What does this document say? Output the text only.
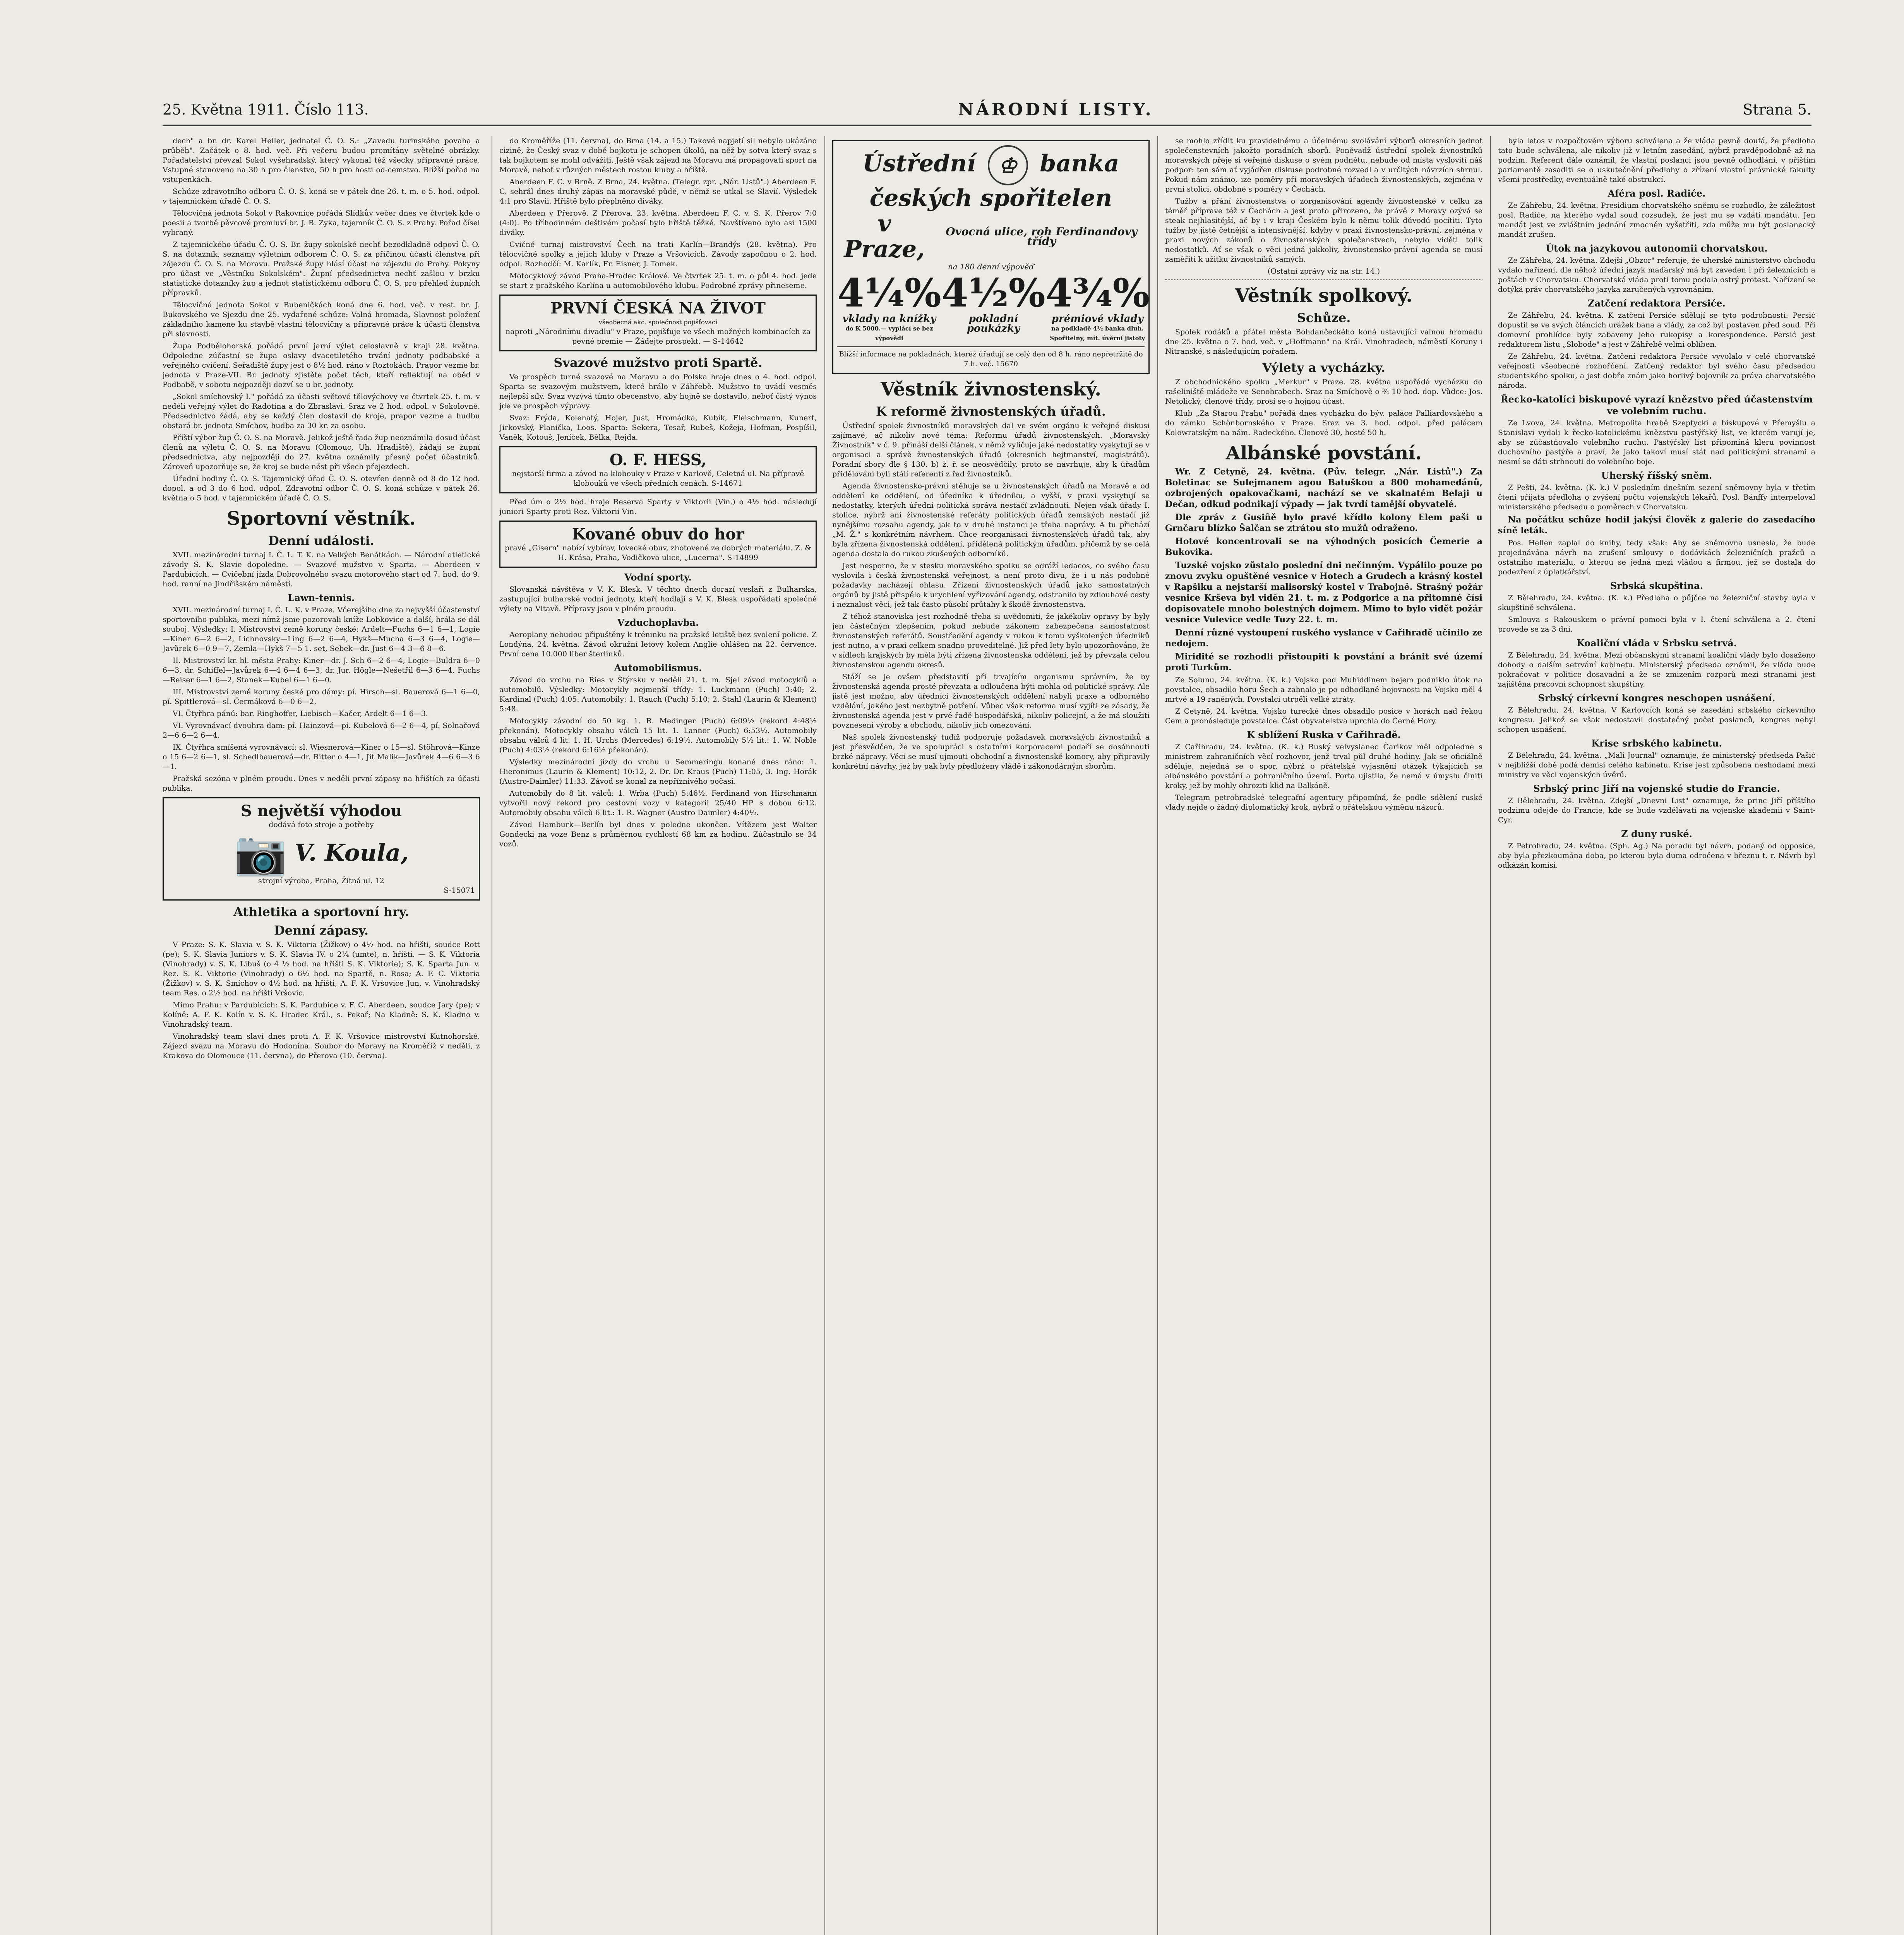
25. Května 1911. Číslo 113.	NÁRODNÍ LISTY.	Strana 5.

dech" a br. dr. Karel Heller, jednatel Č. O. S.: „Zavedu turinského povaha a průběh". Začátek o 8. hod. več. Při večeru budou promítány světelné obrázky. Pořadatelství převzal Sokol vyšehradský, který vykonal též všecky přípravné práce. Vstupné stanoveno na 30 h pro členstvo, 50 h pro hosti od-cemstvo. Bližší pořad na vstupenkách.

Schůze zdravotního odboru Č. O. S. koná se v pátek dne 26. t. m. o 5. hod. odpol. v tajemnickém úřadě Č. O. S.

Tělocvičná jednota Sokol v Rakovníce pořádá Slídkův večer dnes ve čtvrtek kde o poesii a tvorbě pěvcově promluví br. J. B. Zyka, tajemník Č. O. S. z Prahy. Pořad čísel vybraný.

Z tajemnického úřadu Č. O. S. Br. župy sokolské nechť bezodkladně odpoví Č. O. S. na dotazník, seznamy výletním odborem Č. O. S. za příčinou účasti členstva při zájezdu Č. O. S. na Moravu. Pražské župy hlásí účast na zájezdu do Prahy. Pokyny pro účast ve „Věstníku Sokolském". Župní předsednictva nechť zašlou v brzku statistické dotazníky žup a jednot statistickému odboru Č. O. S. pro přehled župních přípravků.

Tělocvičná jednota Sokol v Bubeničkách koná dne 6. hod. več. v rest. br. J. Bukovského ve Sjezdu dne 25. vydařené schůze: Valná hromada, Slavnost položení základního kamene ku stavbě vlastní tělocvičny a přípravné práce k účasti členstva při slavnosti.

Župa Podbělohorská pořádá první jarní výlet celoslavně v kraji 28. května. Odpoledne zúčastní se župa oslavy dvacetiletého trvání jednoty podbabské a veřejného cvičení. Seřadiště župy jest o 8½ hod. ráno v Roztokách. Prapor vezme br. jednota v Praze-VII. Br. jednoty zjistěte počet těch, kteří reflektují na oběd v Podbabě, v sobotu nejpozději dozví se u br. jednoty.

„Sokol smíchovský I." pořádá za účasti světové tělovýchovy ve čtvrtek 25. t. m. v neděli veřejný výlet do Radotína a do Zbraslavi. Sraz ve 2 hod. odpol. v Sokolovně. Předsednictvo žádá, aby se každý člen dostavil do kroje, prapor vezme a hudbu obstará br. jednota Smíchov, hudba za 30 kr. za osobu.

Příští výbor žup Č. O. S. na Moravě. Jelikož ještě řada žup neoznámila dosud účast členů na výletu Č. O. S. na Moravu (Olomouc, Uh. Hradiště), žádají se župní předsednictva, aby nejpozději do 27. května oznámily přesný počet účastníků. Zároveň upozorňuje se, že kroj se bude nést při všech přejezdech.

Úřední hodiny Č. O. S. Tajemnický úřad Č. O. S. otevřen denně od 8 do 12 hod. dopol. a od 3 do 6 hod. odpol. Zdravotní odbor Č. O. S. koná schůze v pátek 26. května o 5 hod. v tajemnickém úřadě Č. O. S.

Sportovní věstník.
Denní události.

XVII. mezinárodní turnaj I. Č. L. T. K. na Velkých Benátkách. — Národní atletické závody S. K. Slavie dopoledne. — Svazové mužstvo v. Sparta. — Aberdeen v Pardubicích. — Cvičební jízda Dobrovolného svazu motorového start od 7. hod. do 9. hod. ranní na Jindřišském náměstí.

Lawn-tennis.

XVII. mezinárodní turnaj I. Č. L. K. v Praze. Včerejšího dne za nejvyšší účastenství sportovního publika, mezi nímž jsme pozorovali kníže Lobkovice a další, hrála se dál souboj. Výsledky: I. Mistrovství země koruny české: Ardelt—Fuchs 6—1 6—1, Logie—Kiner 6—2 6—2, Lichnovsky—Ling 6—2 6—4, Hykš—Mucha 6—3 6—4, Logie—Javůrek 6—0 9—7, Zemla—Hykš 7—5 1. set, Sebek—dr. Just 6—4 3—6 8—6.

II. Mistrovství kr. hl. města Prahy: Kiner—dr. J. Sch 6—2 6—4, Logie—Buldra 6—0 6—3, dr. Schiffel—Javůrek 6—4 6—4 6—3, dr. Jur. Högle—Nešetřil 6—3 6—4, Fuchs—Reiser 6—1 6—2, Stanek—Kubel 6—1 6—0.

III. Mistrovství země koruny české pro dámy: pí. Hirsch—sl. Bauerová 6—1 6—0, pí. Spittlerová—sl. Čermáková 6—0 6—2.

VI. Čtyřhra pánů: bar. Ringhoffer, Liebisch—Kačer, Ardelt 6—1 6—3.

VI. Vyrovnávací dvouhra dam: pí. Hainzová—pí. Kubelová 6—2 6—4, pí. Solnařová 2—6 6—2 6—4.

IX. Čtyřhra smíšená vyrovnávací: sl. Wiesnerová—Kiner o 15—sl. Stöhrová—Kinze o 15 6—2 6—1, sl. Schedlbauerová—dr. Ritter o 4—1, Jit Malik—Javůrek 4—6 6—3 6—1.

Pražská sezóna v plném proudu. Dnes v neděli první zápasy na hřištích za účasti publika.

S největší výhodou
dodává foto stroje a potřeby
📷 V. Koula,
strojní výroba, Praha, Žitná ul. 12
S-15071
Athletika a sportovní hry.
Denní zápasy.

V Praze: S. K. Slavia v. S. K. Viktoria (Žižkov) o 4½ hod. na hřišti, soudce Rott (pe); S. K. Slavia Juniors v. S. K. Slavia IV. o 2¼ (umte), n. hřišti. — S. K. Viktoria (Vinohrady) v. S. K. Libuš (o 4 ½ hod. na hřišti S. K. Viktorie); S. K. Sparta Jun. v. Rez. S. K. Viktorie (Vinohrady) o 6½ hod. na Spartě, n. Rosa; A. F. C. Viktoria (Žižkov) v. S. K. Smíchov o 4½ hod. na hřišti; A. F. K. Vršovice Jun. v. Vinohradský team Res. o 2½ hod. na hřišti Vršovic.

Mimo Prahu: v Pardubicích: S. K. Pardubice v. F. C. Aberdeen, soudce Jary (pe); v Kolíně: A. F. K. Kolín v. S. K. Hradec Král., s. Pekař; Na Kladně: S. K. Kladno v. Vinohradský team.

Vinohradský team slaví dnes proti A. F. K. Vršovice mistrovství Kutnohorské. Zájezd svazu na Moravu do Hodonína. Soubor do Moravy na Kroměříž v neděli, z Krakova do Olomouce (11. června), do Přerova (10. června).

do Kroměříže (11. června), do Brna (14. a 15.) Takové napjetí sil nebylo ukázáno cizině, že Český svaz v době bojkotu je schopen úkolů, na něž by sotva který svaz s tak bojkotem se mohl odvážiti. Ještě však zájezd na Moravu má propagovati sport na Moravě, neboť v různých městech rostou kluby a hřiště.

Aberdeen F. C. v Brně. Z Brna, 24. května. (Telegr. zpr. „Nár. Listů".) Aberdeen F. C. sehrál dnes druhý zápas na moravské půdě, v němž se utkal se Slavií. Výsledek 4:1 pro Slavii. Hřiště bylo přeplněno diváky.

Aberdeen v Přerově. Z Přerova, 23. května. Aberdeen F. C. v. S. K. Přerov 7:0 (4:0). Po tříhodinném deštivém počasí bylo hřiště těžké. Navštíveno bylo asi 1500 diváky.

Cvičné turnaj mistrovství Čech na trati Karlín—Brandýs (28. května). Pro tělocvičné spolky a jejich kluby v Praze a Vršovicích. Závody započnou o 2. hod. odpol. Rozhodčí: M. Karlík, Fr. Eisner, J. Tomek.

Motocyklový závod Praha-Hradec Králové. Ve čtvrtek 25. t. m. o půl 4. hod. jede se start z pražského Karlína u automobilového klubu. Podrobné zprávy přineseme.

PRVNÍ ČESKÁ NA ŽIVOT
všeobecná akc. společnost pojišťovací
naproti „Národnímu divadlu" v Praze, pojišťuje ve všech možných kombinacích za pevné premie — Žádejte prospekt. — S-14642
Svazové mužstvo proti Spartě.

Ve prospěch turné svazové na Moravu a do Polska hraje dnes o 4. hod. odpol. Sparta se svazovým mužstvem, které hrálo v Záhřebě. Mužstvo to uvádí vesměs nejlepší síly. Svaz vyzývá tímto obecenstvo, aby hojně se dostavilo, neboť čistý výnos jde ve prospěch výpravy.

Svaz: Frýda, Kolenatý, Hojer, Just, Hromádka, Kubík, Fleischmann, Kunert, Jirkovský, Planička, Loos. Sparta: Sekera, Tesař, Rubeš, Kožeja, Hofman, Pospíšil, Vaněk, Kotouš, Jeníček, Bělka, Rejda.

O. F. HESS,
nejstarší firma a závod na klobouky v Praze v Karlově, Celetná ul. Na přípravě klobouků ve všech předních cenách. S-14671

Před úm o 2½ hod. hraje Reserva Sparty v Viktorii (Vin.) o 4½ hod. následují juniori Sparty proti Rez. Viktorii Vin.

Kované obuv do hor
pravé „Gisern" nabízí vybírav, lovecké obuv, zhotovené ze dobrých materiálu. Z. & H. Krása, Praha, Vodičkova ulice, „Lucerna". S-14899
Vodní sporty.

Slovanská návštěva v V. K. Blesk. V těchto dnech dorazí veslaři z Bulharska, zastupující bulharské vodní jednoty, kteří hodlají s V. K. Blesk uspořádati společné výlety na Vltavě. Přípravy jsou v plném proudu.

Vzduchoplavba.

Aeroplany nebudou připuštěny k tréninku na pražské letiště bez svolení policie. Z Londýna, 24. května. Závod okružní letový kolem Anglie ohlášen na 22. července. První cena 10.000 liber šterlinků.

Automobilismus.

Závod do vrchu na Ries v Štýrsku v neděli 21. t. m. Sjel závod motocyklů a automobilů. Výsledky: Motocykly nejmenší třídy: 1. Luckmann (Puch) 3:40; 2. Kardinal (Puch) 4:05. Automobily: 1. Rauch (Puch) 5:10; 2. Stahl (Laurin & Klement) 5:48.

Motocykly závodní do 50 kg. 1. R. Medinger (Puch) 6:09½ (rekord 4:48½ překonán). Motocykly obsahu válců 15 lit. 1. Lanner (Puch) 6:53½. Automobily obsahu válců 4 lit: 1. H. Urchs (Mercedes) 6:19½. Automobily 5½ lit.: 1. W. Noble (Puch) 4:03½ (rekord 6:16½ překonán).

Výsledky mezinárodní jízdy do vrchu u Semmeringu konané dnes ráno: 1. Hieronimus (Laurin & Klement) 10:12, 2. Dr. Dr. Kraus (Puch) 11:05, 3. Ing. Horák (Austro-Daimler) 11:33. Závod se konal za nepříznivého počasí.

Automobily do 8 lit. válců: 1. Wrba (Puch) 5:46½. Ferdinand von Hirschmann vytvořil nový rekord pro cestovní vozy v kategorii 25/40 HP s dobou 6:12. Automobily obsahu válců 6 lit.: 1. R. Wagner (Austro Daimler) 4:40½.

Závod Hamburk—Berlín byl dnes v poledne ukončen. Vítězem jest Walter Gondecki na voze Benz s průměrnou rychlostí 68 km za hodinu. Zúčastnilo se 34 vozů.

Ústřední ♔ banka
českých spořitelen
v Praze,
Ovocná ulice, roh Ferdinandovy třídy
na 180 denní výpověď
4¼%
vklady na knížky
do K 5000.— vyplácí se bez výpovědi
4½%
pokladní poukázky
4¾%
prémiové vklady
na podkladě 4½ banka dluh. Spořitelny, mít. úvěrní jistoty
Bližší informace na pokladnách, kteréž úřadují se celý den od 8 h. ráno nepřetržitě do 7 h. več. 15670
Věstník živnostenský.
K reformě živnostenských úřadů.

Ústřední spolek živnostníků moravských dal ve svém orgánu k veřejné diskusi zajímavé, ač nikoliv nové téma: Reformu úřadů živnostenských. „Moravský Živnostník" v č. 9. přináší delší článek, v němž vyličuje jaké nedostatky vyskytují se v organisaci a správě živnostenských úřadů (okresních hejtmanství, magistrátů). Poradní sbory dle § 130. b) ž. ř. se neosvědčily, proto se navrhuje, aby k úřadům přidělováni byli stálí referenti z řad živnostníků.

Agenda živnostensko-právní stěhuje se u živnostenských úřadů na Moravě a od oddělení ke oddělení, od úředníka k úředníku, a vyšší, v praxi vyskytují se nedostatky, kterých úřední politická správa nestačí zvládnouti. Nejen však úřady I. stolice, nýbrž ani živnostenské referáty politických úřadů zemských nestačí již nynějšímu rozsahu agendy, jak to v druhé instanci je třeba naprávy. A tu přichází „M. Ž." s konkrétním návrhem. Chce reorganisaci živnostenských úřadů tak, aby byla zřízena živnostenská oddělení, přidělená politickým úřadům, přičemž by se celá agenda dostala do rukou zkušených odborníků.

Jest nesporno, že v stesku moravského spolku se odráží ledacos, co svého času vyslovila i česká živnostenská veřejnost, a není proto divu, že i u nás podobné požadavky nacházejí ohlasu. Zřízení živnostenských úřadů jako samostatných orgánů by jistě přispělo k urychlení vyřizování agendy, odstranilo by zdlouhavé cesty i neznalost věci, jež tak často působí průtahy k škodě živnostenstva.

Z téhož stanoviska jest rozhodně třeba si uvědomiti, že jakékoliv opravy by byly jen částečným zlepšením, pokud nebude zákonem zabezpečena samostatnost živnostenských referátů. Soustředění agendy v rukou k tomu vyškolených úředníků jest nutno, a v praxi celkem snadno proveditelné. Již před lety bylo upozorňováno, že v sídlech krajských by měla býti zřízena živnostenská oddělení, jež by převzala celou živnostenskou agendu okresů.

Stáží se je ovšem představití při trvajícím organismu správním, že by živnostenská agenda prosté převzata a odloučena býti mohla od politické správy. Ale jistě jest možno, aby úředníci živnostenských oddělení nabyli praxe a odborného vzdělání, jakého jest nezbytně potřebí. Vůbec však reforma musí vyjíti ze zásady, že živnostenská agenda jest v prvé řadě hospodářská, nikoliv policejní, a že má sloužiti povznesení výroby a obchodu, nikoliv jich omezování.

Náš spolek živnostenský tudíž podporuje požadavek moravských živnostníků a jest přesvědčen, že ve spolupráci s ostatními korporacemi podaří se dosáhnouti brzké nápravy. Věci se musí ujmouti obchodní a živnostenské komory, aby připravily konkrétní návrhy, jež by pak byly předloženy vládě i zákonodárným sborům.

se mohlo zřídit ku pravidelnému a účelnému svolávání výborů okresních jednot společenstevních jakožto poradních sborů. Poněvadž ústřední spolek živnostníků moravských přeje si veřejné diskuse o svém podnětu, nebude od místa vyslovití náš podpor: ten sám ať vyjádřen diskuse podrobné rozvedl a v určitých návrzích shrnul. Pokud nám známo, ize poměry při moravských úřadech živnostenských, zejména v první stolici, obdobné s poměry v Čechách.

Tužby a přání živnostenstva o zorganisování agendy živnostenské v celku za téměř příprave též v Čechách a jest proto přirozeno, že právě z Moravy ozývá se steak nejhlasitější, ač by i v kraji Českém bylo k němu tolik důvodů pocítiti. Tyto tužby by jistě četnější a intensivnější, kdyby v praxi živnostensko-právní, zejména v praxi nových zákonů o živnostenských společenstvech, nebylo viděti tolik nedostatků. Ať se však o věci jedná jakkoliv, živnostensko-právní agenda se musí zaměřiti k užitku živnostníků samých.

(Ostatní zprávy viz na str. 14.)

Věstník spolkový.
Schůze.

Spolek rodáků a přátel města Bohdančeckého koná ustavující valnou hromadu dne 25. května o 7. hod. več. v „Hoffmann" na Král. Vinohradech, náměstí Koruny i Nitranské, s následujícím pořadem.

Výlety a vycházky.

Z obchodnického spolku „Merkur" v Praze. 28. května uspořádá vycházku do rašeliniště mládeže ve Senohrabech. Sraz na Smíchově o ¾ 10 hod. dop. Vůdce: Jos. Netolický, členové třídy, prosí se o hojnou účast.

Klub „Za Starou Prahu" pořádá dnes vycházku do býv. paláce Palliardovského a do zámku Schönbornského v Praze. Sraz ve 3. hod. odpol. před palácem Kolowratským na nám. Radeckého. Členové 30, hosté 50 h.

Albánské povstání.

Wr. Z Cetyně, 24. května. (Pův. telegr. „Nár. Listů".) Za Boletinac se Sulejmanem agou Batuškou a 800 mohamedánů, ozbrojených opakovačkami, nachází se ve skalnatém Belaji u Dečan, odkud podnikají výpady — jak tvrdí tamější obyvatelé.

Dle zpráv z Gusiñě bylo pravé křídlo kolony Elem paši u Grnčaru blízko Šalčan se ztrátou sto mužů odraženo.

Hotové koncentrovali se na výhodných posicích Čemerie a Bukovika.

Tuzské vojsko zůstalo poslední dni nečinným. Vypálilo pouze po znovu zvyku opuštěné vesnice v Hotech a Grudech a krásný kostel v Rapšiku a nejstarší malisorský kostel v Trabojně. Strašný požár vesnice Krševa byl viděn 21. t. m. z Podgorice a na přitomné čísi dopisovatele mnoho bolestných dojmem. Mimo to bylo vidět požár vesnice Vulevice vedle Tuzy 22. t. m.

Denní různé vystoupení ruského vyslance v Cařihradě učinilo ze nedojem.

Miridité se rozhodli přistoupiti k povstání a bránit své území proti Turkům.

Ze Solunu, 24. května. (K. k.) Vojsko pod Muhiddinem bejem podniklo útok na povstalce, obsadilo horu Šech a zahnalo je po odhodlané bojovnosti na Vojsko měl 4 mrtvé a 19 raněných. Povstalci utrpěli velké ztráty.

Z Cetyně, 24. května. Vojsko turecké dnes obsadilo posice v horách nad řekou Cem a pronásleduje povstalce. Část obyvatelstva uprchla do Černé Hory.

K sblížení Ruska v Cařihradě.

Z Cařihradu, 24. května. (K. k.) Ruský velvyslanec Čarikov měl odpoledne s ministrem zahraničních věcí rozhovor, jenž trval půl druhé hodiny. Jak se oficiálně sděluje, nejedná se o spor, nýbrž o přátelské vyjasnění otázek týkajících se albánského povstání a pohraničního území. Porta ujistila, že nemá v úmyslu činiti kroky, jež by mohly ohroziti klid na Balkáně.

Telegram petrohradské telegrafní agentury připomíná, že podle sdělení ruské vlády nejde o žádný diplomatický krok, nýbrž o přátelskou výměnu názorů.

byla letos v rozpočtovém výboru schválena a že vláda pevně doufá, že předloha tato bude schválena, ale nikoliv již v letním zasedání, nýbrž pravděpodobně až na podzim. Referent dále oznámil, že vlastní poslanci jsou pevně odhodláni, v příštím parlamentě zasaditi se o uskutečnění předlohy o zřízení vlastní právnické fakulty všemi prostředky, eventuálně také obstrukcí.

Aféra posl. Radiće.

Ze Záhřebu, 24. května. Presidium chorvatského sněmu se rozhodlo, že záležitost posl. Radiće, na kterého vydal soud rozsudek, že jest mu se vzdáti mandátu. Jen mandát jest ve zvláštním jednání zmocněn vyšetřiti, zda může mu být poslanecký mandát zrušen.

Útok na jazykovou autonomii chorvatskou.

Ze Záhřeba, 24. května. Zdejší „Obzor" referuje, že uherské ministerstvo obchodu vydalo nařízení, dle něhož úřední jazyk maďarský má být zaveden i při železnicích a poštách v Chorvatsku. Chorvatská vláda proti tomu podala ostrý protest. Nařízení se dotýká práv chorvatského jazyka zaručených vyrovnáním.

Zatčení redaktora Persiće.

Ze Záhřebu, 24. května. K zatčení Persiće sdělují se tyto podrobnosti: Persić dopustil se ve svých článcích urážek bana a vlády, za což byl postaven před soud. Při domovní prohlídce byly zabaveny jeho rukopisy a korespondence. Persić jest redaktorem listu „Slobode" a jest v Záhřebě velmi oblíben.

Ze Záhřebu, 24. května. Zatčení redaktora Persiće vyvolalo v celé chorvatské veřejnosti všeobecné rozhořčení. Zatčený redaktor byl svého času předsedou studentského spolku, a jest dobře znám jako horlivý bojovník za práva chorvatského národa.

Řecko-katolíci biskupové vyrazí knězstvo před účastenstvím ve volebním ruchu.

Ze Lvova, 24. května. Metropolita hrabě Szeptycki a biskupové v Přemyšlu a Stanislavi vydali k řecko-katolickému knězstvu pastýřský list, ve kterém varují je, aby se zúčastňovalo volebního ruchu. Pastýřský list připomíná kleru povinnost duchovního pastýře a praví, že jako takoví musí stát nad politickými stranami a nesmí se dáti strhnouti do volebního boje.

Uherský říšský sněm.

Z Pešti, 24. května. (K. k.) V posledním dnešním sezení sněmovny byla v třetím čtení přijata předloha o zvýšení počtu vojenských lékařů. Posl. Bánffy interpeloval ministerského předsedu o poměrech v Chorvatsku.

Na počátku schůze hodil jakýsi člověk z galerie do zasedacího síně leták.

Pos. Hellen zaplal do knihy, tedy však: Aby se sněmovna usnesla, že bude projednávána návrh na zrušení smlouvy o dodávkách železničních pražců a ostatního materiálu, o kterou se jedná mezi vládou a firmou, jež se dostala do podezření z úplatkářství.

Srbská skupština.

Z Bělehradu, 24. května. (K. k.) Předloha o půjčce na železniční stavby byla v skupštině schválena.

Smlouva s Rakouskem o právní pomoci byla v I. čtení schválena a 2. čtení provede se za 3 dni.

Koaliční vláda v Srbsku setrvá.

Z Bělehradu, 24. května. Mezi občanskými stranami koaliční vlády bylo dosaženo dohody o dalším setrvání kabinetu. Ministerský předseda oznámil, že vláda bude pokračovat v politice dosavadní a že se zmizením rozporů mezi stranami jest zajištěna pracovní schopnost skupštiny.

Srbský církevní kongres neschopen usnášení.

Z Bělehradu, 24. května. V Karlovcích koná se zasedání srbského církevního kongresu. Jelikož se však nedostavil dostatečný počet poslanců, kongres nebyl schopen usnášení.

Krise srbského kabinetu.

Z Bělehradu, 24. května. „Mali Journal" oznamuje, že ministerský předseda Pašić v nejbližší době podá demisi celého kabinetu. Krise jest způsobena neshodami mezi ministry ve věci vojenských úvěrů.

Srbský princ Jiří na vojenské studie do Francie.

Z Bělehradu, 24. května. Zdejší „Dnevni List" oznamuje, že princ Jiří příštího podzimu odejde do Francie, kde se bude vzdělávati na vojenské akademii v Saint-Cyr.

Z duny ruské.

Z Petrohradu, 24. května. (Sph. Ag.) Na poradu byl návrh, podaný od opposice, aby byla přezkoumána doba, po kterou byla duma odročena v březnu t. r. Návrh byl odkázán komisi.
